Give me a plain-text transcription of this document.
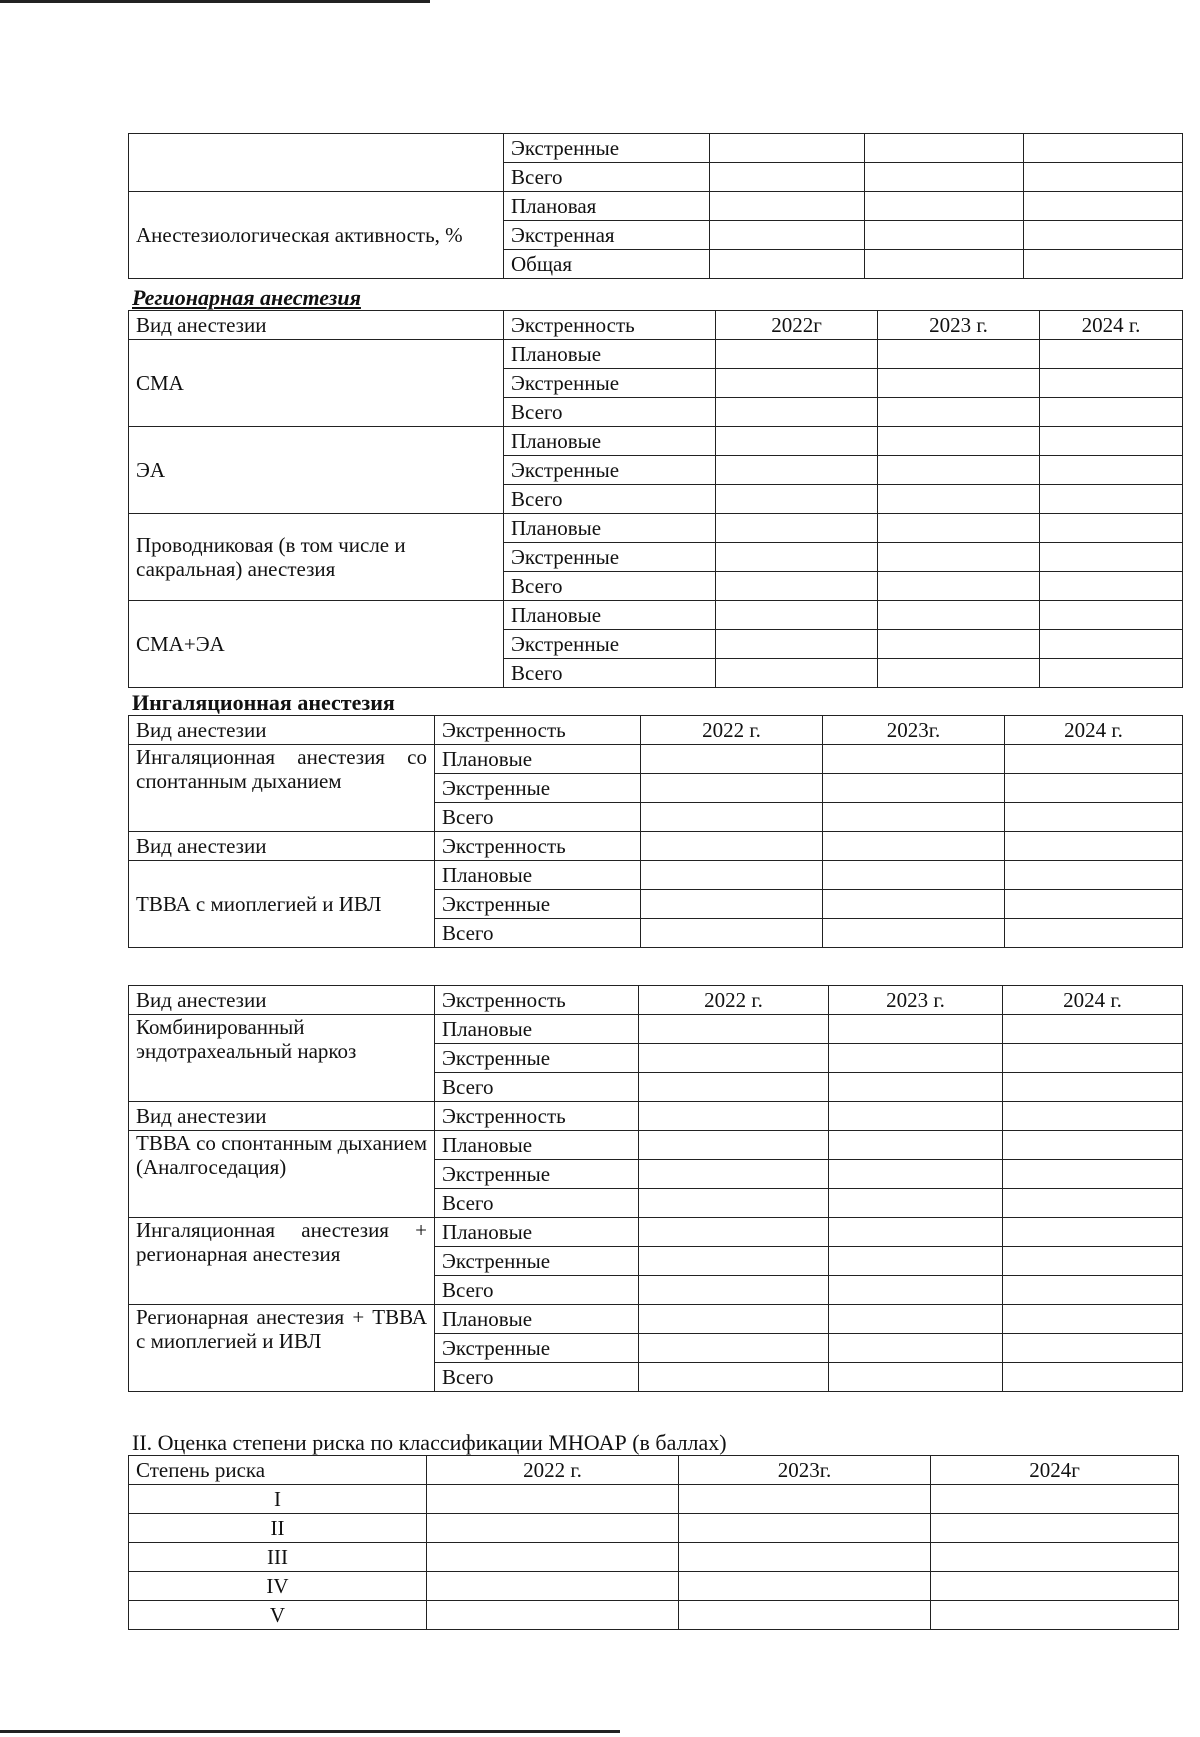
	Экстренные			
	Всего			
Анестезиологическая активность, %	Плановая			
	Экстренная			
	Общая			
Регионарная анестезия
Вид анестезии	Экстренность	2022г	2023 г.	2024 г.
СМА	Плановые			
	Экстренные			
	Всего			
ЭА	Плановые			
	Экстренные			
	Всего			
Проводниковая (в том числе и сакральная) анестезия	Плановые			
	Экстренные			
	Всего			
СМА+ЭА	Плановые			
	Экстренные			
	Всего			
Ингаляционная анестезия
Вид анестезии	Экстренность	2022 г.	2023г.	2024 г.
Ингаляционная анестезия со спонтанным дыханием	Плановые			
	Экстренные			
	Всего			
Вид анестезии	Экстренность			
ТВВА с миоплегией и ИВЛ	Плановые			
	Экстренные			
	Всего			
Вид анестезии	Экстренность	2022 г.	2023 г.	2024 г.
Комбинированный эндотрахеальный наркоз	Плановые			
	Экстренные			
	Всего			
Вид анестезии	Экстренность			
ТВВА со спонтанным дыханием (Аналгоседация)	Плановые			
	Экстренные			
	Всего			
Ингаляционная анестезия + регионарная анестезия	Плановые			
	Экстренные			
	Всего			
Регионарная анестезия + ТВВА с миоплегией и ИВЛ	Плановые			
	Экстренные			
	Всего			
II. Оценка степени риска по классификации МНОАР (в баллах)
Степень риска	2022 г.	2023г.	2024г
I			
II			
III			
IV			
V			
